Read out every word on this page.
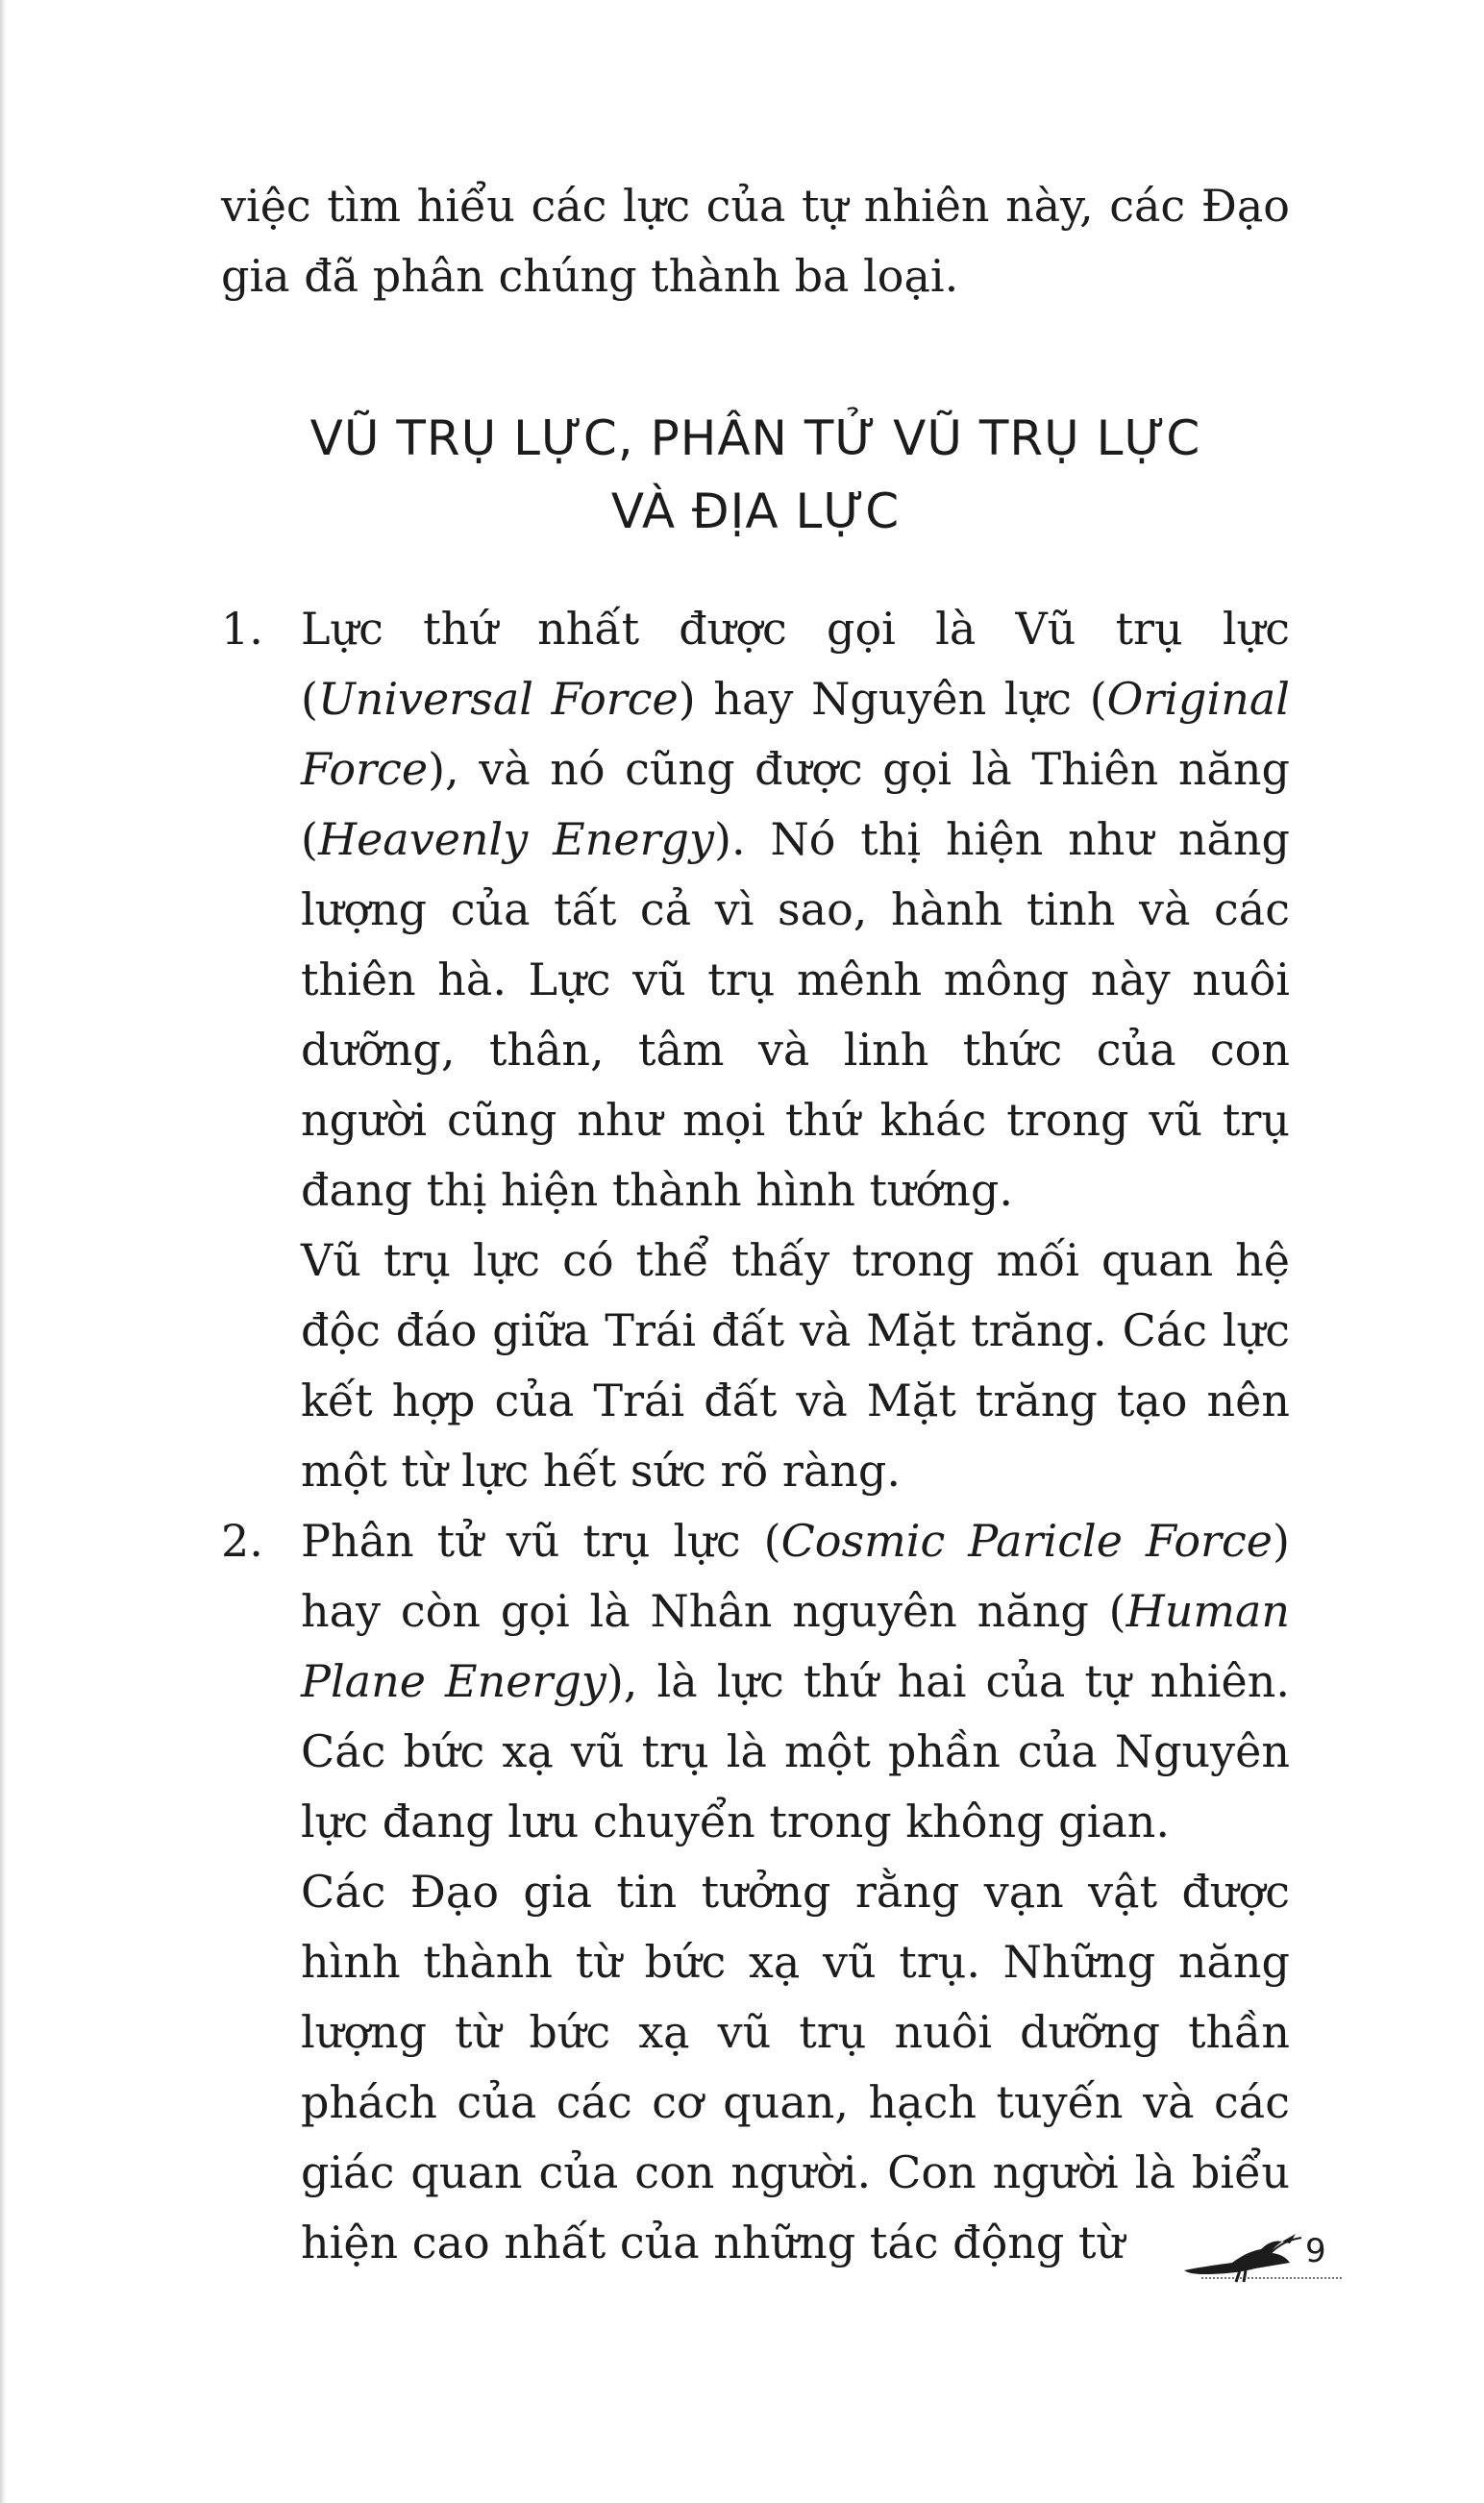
việc tìm hiểu các lực của tự nhiên này, các Đạo gia đã phân chúng thành ba loại.

VŨ TRỤ LỰC, PHÂN TỬ VŨ TRỤ LỰC
VÀ ĐỊA LỰC
1. Lực thứ nhất được gọi là Vũ trụ lực (Universal Force) hay Nguyên lực (Original Force), và nó cũng được gọi là Thiên năng (Heavenly Energy). Nó thị hiện như năng lượng của tất cả vì sao, hành tinh và các thiên hà. Lực vũ trụ mênh mông này nuôi dưỡng, thân, tâm và linh thức của con người cũng như mọi thứ khác trong vũ trụ đang thị hiện thành hình tướng.

Vũ trụ lực có thể thấy trong mối quan hệ độc đáo giữa Trái đất và Mặt trăng. Các lực kết hợp của Trái đất và Mặt trăng tạo nên một từ lực hết sức rõ ràng.

2. Phân tử vũ trụ lực (Cosmic Paricle Force) hay còn gọi là Nhân nguyên năng (Human Plane Energy), là lực thứ hai của tự nhiên. Các bức xạ vũ trụ là một phần của Nguyên lực đang lưu chuyển trong không gian.

Các Đạo gia tin tưởng rằng vạn vật được hình thành từ bức xạ vũ trụ. Những năng lượng từ bức xạ vũ trụ nuôi dưỡng thần phách của các cơ quan, hạch tuyến và các giác quan của con người. Con người là biểu hiện cao nhất của những tác động từ	9
